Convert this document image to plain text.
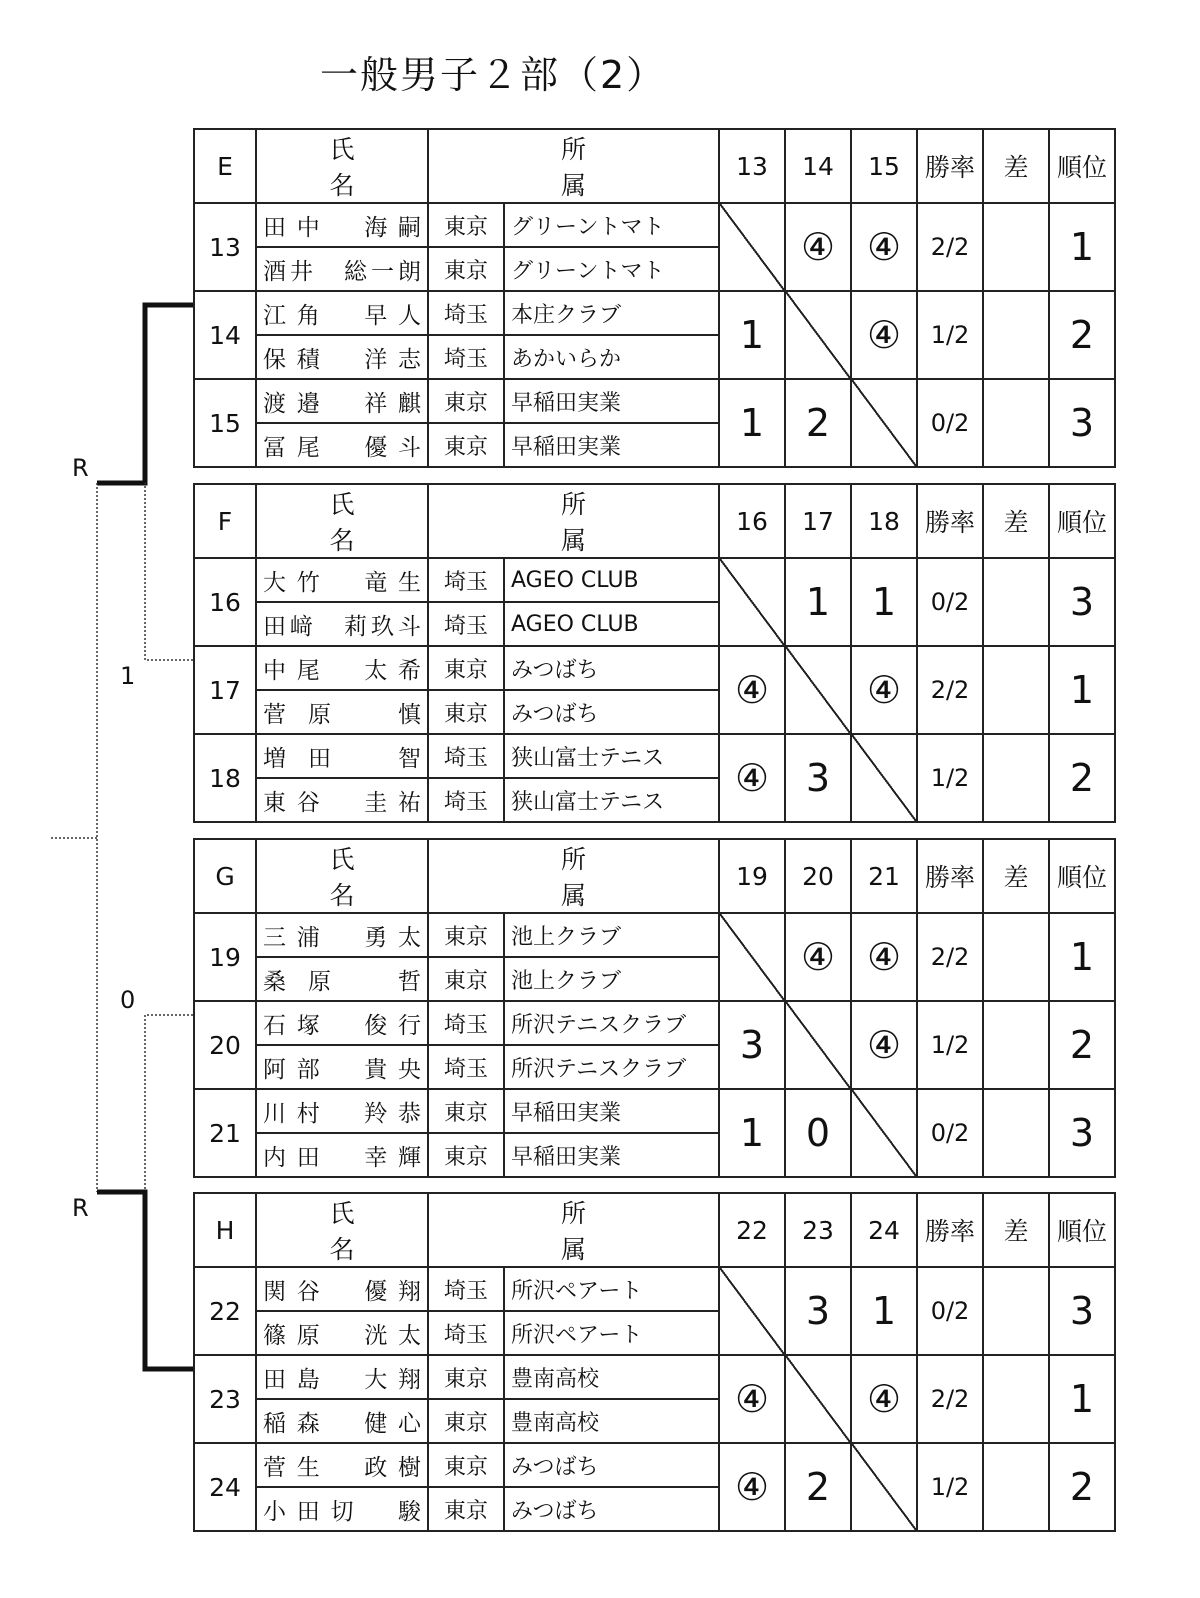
一般男子２部（2）
R
1
0
R
E	氏 名	所 属		13	14	15	勝率	差	順位
13	田中　海嗣	東京	グリーントマト		④	④	2/2		1
	酒井　総一朗	東京	グリーントマト						
14	江角　早人	埼玉	本庄クラブ	1		④	1/2		2
	保積　洋志	埼玉	あかいらか						
15	渡邉　祥麒	東京	早稲田実業	1	2		0/2		3
	冨尾　優斗	東京	早稲田実業						
F	氏 名	所 属		16	17	18	勝率	差	順位
16	大竹　竜生	埼玉	AGEO CLUB		1	1	0/2		3
	田﨑　莉玖斗	埼玉	AGEO CLUB						
17	中尾　太希	東京	みつばち	④		④	2/2		1
	菅原　慎	東京	みつばち						
18	増田　智	埼玉	狭山富士テニス	④	3		1/2		2
	東谷　圭祐	埼玉	狭山富士テニス						
G	氏 名	所 属		19	20	21	勝率	差	順位
19	三浦　勇太	東京	池上クラブ		④	④	2/2		1
	桑原　哲	東京	池上クラブ						
20	石塚　俊行	埼玉	所沢テニスクラブ	3		④	1/2		2
	阿部　貴央	埼玉	所沢テニスクラブ						
21	川村　羚恭	東京	早稲田実業	1	0		0/2		3
	内田　幸輝	東京	早稲田実業						
H	氏 名	所 属		22	23	24	勝率	差	順位
22	関谷　優翔	埼玉	所沢ペアート		3	1	0/2		3
	篠原　洸太	埼玉	所沢ペアート						
23	田島　大翔	東京	豊南高校	④		④	2/2		1
	稲森　健心	東京	豊南高校						
24	菅生　政樹	東京	みつばち	④	2		1/2		2
	小田切　駿	東京	みつばち						
